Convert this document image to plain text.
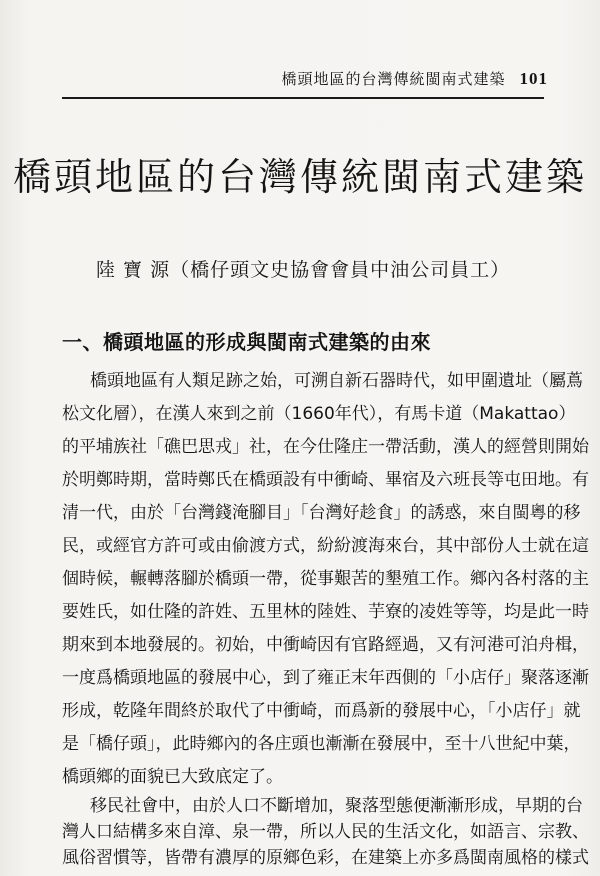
橋頭地區的台灣傳統閩南式建築 101
橋頭地區的台灣傳統閩南式建築
陸 寶 源（橋仔頭文史協會會員中油公司員工）
一、橋頭地區的形成與閩南式建築的由來
橋頭地區有人類足跡之始，可溯自新石器時代，如甲圍遺址（屬蔦
松文化層），在漢人來到之前（1660年代），有馬卡道（Makattao）
的平埔族社「礁巴思戎」社，在今仕隆庄一帶活動，漢人的經營則開始
於明鄭時期，當時鄭氏在橋頭設有中衝崎、畢宿及六班長等屯田地。有
清一代，由於「台灣錢淹腳目」「台灣好趁食」的誘惑，來自閩粵的移
民，或經官方許可或由偷渡方式，紛紛渡海來台，其中部份人士就在這
個時候，輾轉落腳於橋頭一帶，從事艱苦的墾殖工作。鄉內各村落的主
要姓氏，如仕隆的許姓、五里林的陸姓、芋寮的凌姓等等，均是此一時
期來到本地發展的。初始，中衝崎因有官路經過，又有河港可泊舟楫，
一度爲橋頭地區的發展中心，到了雍正末年西側的「小店仔」聚落逐漸
形成，乾隆年間終於取代了中衝崎，而爲新的發展中心，「小店仔」就
是「橋仔頭」，此時鄉內的各庄頭也漸漸在發展中，至十八世紀中葉，
橋頭鄉的面貌已大致底定了。
移民社會中，由於人口不斷增加，聚落型態便漸漸形成，早期的台
灣人口結構多來自漳、泉一帶，所以人民的生活文化，如語言、宗教、
風俗習慣等，皆帶有濃厚的原鄉色彩，在建築上亦多爲閩南風格的樣式
